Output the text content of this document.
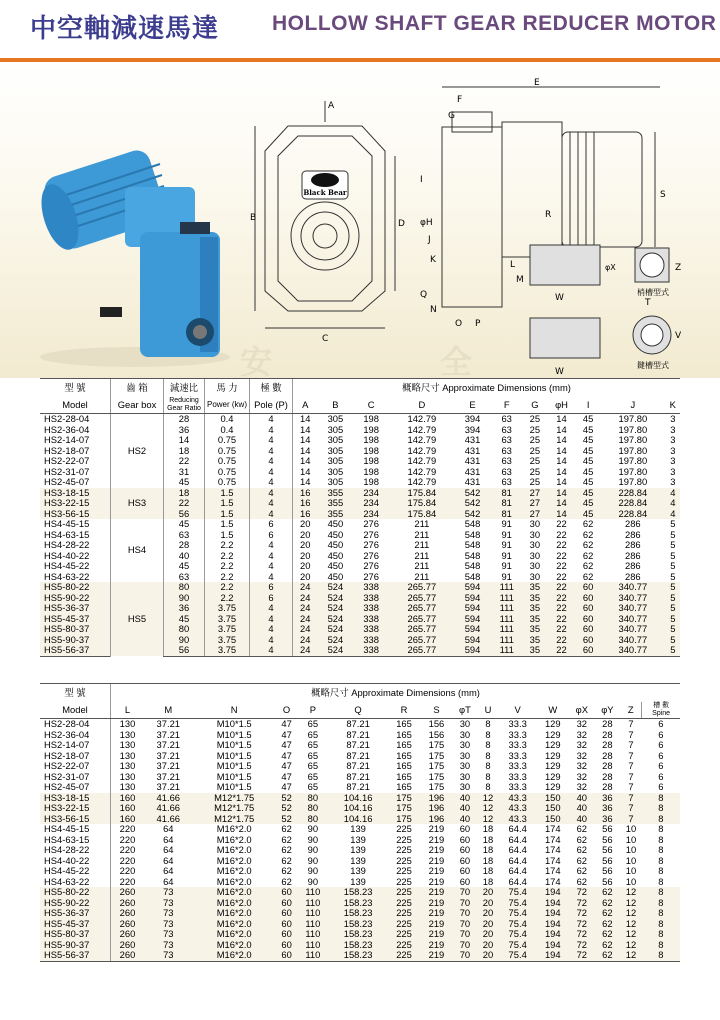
中空軸減速馬達	HOLLOW SHAFT GEAR REDUCER MOTOR
安	全
Black Bear
A
B
C
D
E
F
G
φH
I
J
K	L
M
N
O P
Q
R
S
W
W
φX	Z
T
V
梢槽型式
鍵槽型式
型 號	齒 箱	減速比	馬 力	極 數	概略尺寸 Approximate Dimensions (mm)										
Model	Gear box	Reducing
Gear Ratio	Power (kw)	Pole (P)	A	B	C	D	E	F	G	φH	I	J	K
HS2-28-04	HS2	28	0.4	4	14	305	198	142.79	394	63	25	14	45	197.80	3
HS2-36-04		36	0.4	4	14	305	198	142.79	394	63	25	14	45	197.80	3
HS2-14-07		14	0.75	4	14	305	198	142.79	431	63	25	14	45	197.80	3
HS2-18-07		18	0.75	4	14	305	198	142.79	431	63	25	14	45	197.80	3
HS2-22-07		22	0.75	4	14	305	198	142.79	431	63	25	14	45	197.80	3
HS2-31-07		31	0.75	4	14	305	198	142.79	431	63	25	14	45	197.80	3
HS2-45-07		45	0.75	4	14	305	198	142.79	431	63	25	14	45	197.80	3
HS3-18-15	HS3	18	1.5	4	16	355	234	175.84	542	81	27	14	45	228.84	4
HS3-22-15		22	1.5	4	16	355	234	175.84	542	81	27	14	45	228.84	4
HS3-56-15		56	1.5	4	16	355	234	175.84	542	81	27	14	45	228.84	4
HS4-45-15	HS4	45	1.5	6	20	450	276	211	548	91	30	22	62	286	5
HS4-63-15		63	1.5	6	20	450	276	211	548	91	30	22	62	286	5
HS4-28-22		28	2.2	4	20	450	276	211	548	91	30	22	62	286	5
HS4-40-22		40	2.2	4	20	450	276	211	548	91	30	22	62	286	5
HS4-45-22		45	2.2	4	20	450	276	211	548	91	30	22	62	286	5
HS4-63-22		63	2.2	4	20	450	276	211	548	91	30	22	62	286	5
HS5-80-22	HS5	80	2.2	6	24	524	338	265.77	594	111	35	22	60	340.77	5
HS5-90-22		90	2.2	6	24	524	338	265.77	594	111	35	22	60	340.77	5
HS5-36-37		36	3.75	4	24	524	338	265.77	594	111	35	22	60	340.77	5
HS5-45-37		45	3.75	4	24	524	338	265.77	594	111	35	22	60	340.77	5
HS5-80-37		80	3.75	4	24	524	338	265.77	594	111	35	22	60	340.77	5
HS5-90-37		90	3.75	4	24	524	338	265.77	594	111	35	22	60	340.77	5
HS5-56-37		56	3.75	4	24	524	338	265.77	594	111	35	22	60	340.77	5
型 號	概略尺寸 Approximate Dimensions (mm)															
Model	L	M	N	O	P	Q	R	S	φT	U	V	W	φX	φY	Z	槽 數
Spine
HS2-28-04	130	37.21	M10*1.5	47	65	87.21	165	156	30	8	33.3	129	32	28	7	6
HS2-36-04	130	37.21	M10*1.5	47	65	87.21	165	156	30	8	33.3	129	32	28	7	6
HS2-14-07	130	37.21	M10*1.5	47	65	87.21	165	175	30	8	33.3	129	32	28	7	6
HS2-18-07	130	37.21	M10*1.5	47	65	87.21	165	175	30	8	33.3	129	32	28	7	6
HS2-22-07	130	37.21	M10*1.5	47	65	87.21	165	175	30	8	33.3	129	32	28	7	6
HS2-31-07	130	37.21	M10*1.5	47	65	87.21	165	175	30	8	33.3	129	32	28	7	6
HS2-45-07	130	37.21	M10*1.5	47	65	87.21	165	175	30	8	33.3	129	32	28	7	6
HS3-18-15	160	41.66	M12*1.75	52	80	104.16	175	196	40	12	43.3	150	40	36	7	8
HS3-22-15	160	41.66	M12*1.75	52	80	104.16	175	196	40	12	43.3	150	40	36	7	8
HS3-56-15	160	41.66	M12*1.75	52	80	104.16	175	196	40	12	43.3	150	40	36	7	8
HS4-45-15	220	64	M16*2.0	62	90	139	225	219	60	18	64.4	174	62	56	10	8
HS4-63-15	220	64	M16*2.0	62	90	139	225	219	60	18	64.4	174	62	56	10	8
HS4-28-22	220	64	M16*2.0	62	90	139	225	219	60	18	64.4	174	62	56	10	8
HS4-40-22	220	64	M16*2.0	62	90	139	225	219	60	18	64.4	174	62	56	10	8
HS4-45-22	220	64	M16*2.0	62	90	139	225	219	60	18	64.4	174	62	56	10	8
HS4-63-22	220	64	M16*2.0	62	90	139	225	219	60	18	64.4	174	62	56	10	8
HS5-80-22	260	73	M16*2.0	60	110	158.23	225	219	70	20	75.4	194	72	62	12	8
HS5-90-22	260	73	M16*2.0	60	110	158.23	225	219	70	20	75.4	194	72	62	12	8
HS5-36-37	260	73	M16*2.0	60	110	158.23	225	219	70	20	75.4	194	72	62	12	8
HS5-45-37	260	73	M16*2.0	60	110	158.23	225	219	70	20	75.4	194	72	62	12	8
HS5-80-37	260	73	M16*2.0	60	110	158.23	225	219	70	20	75.4	194	72	62	12	8
HS5-90-37	260	73	M16*2.0	60	110	158.23	225	219	70	20	75.4	194	72	62	12	8
HS5-56-37	260	73	M16*2.0	60	110	158.23	225	219	70	20	75.4	194	72	62	12	8
